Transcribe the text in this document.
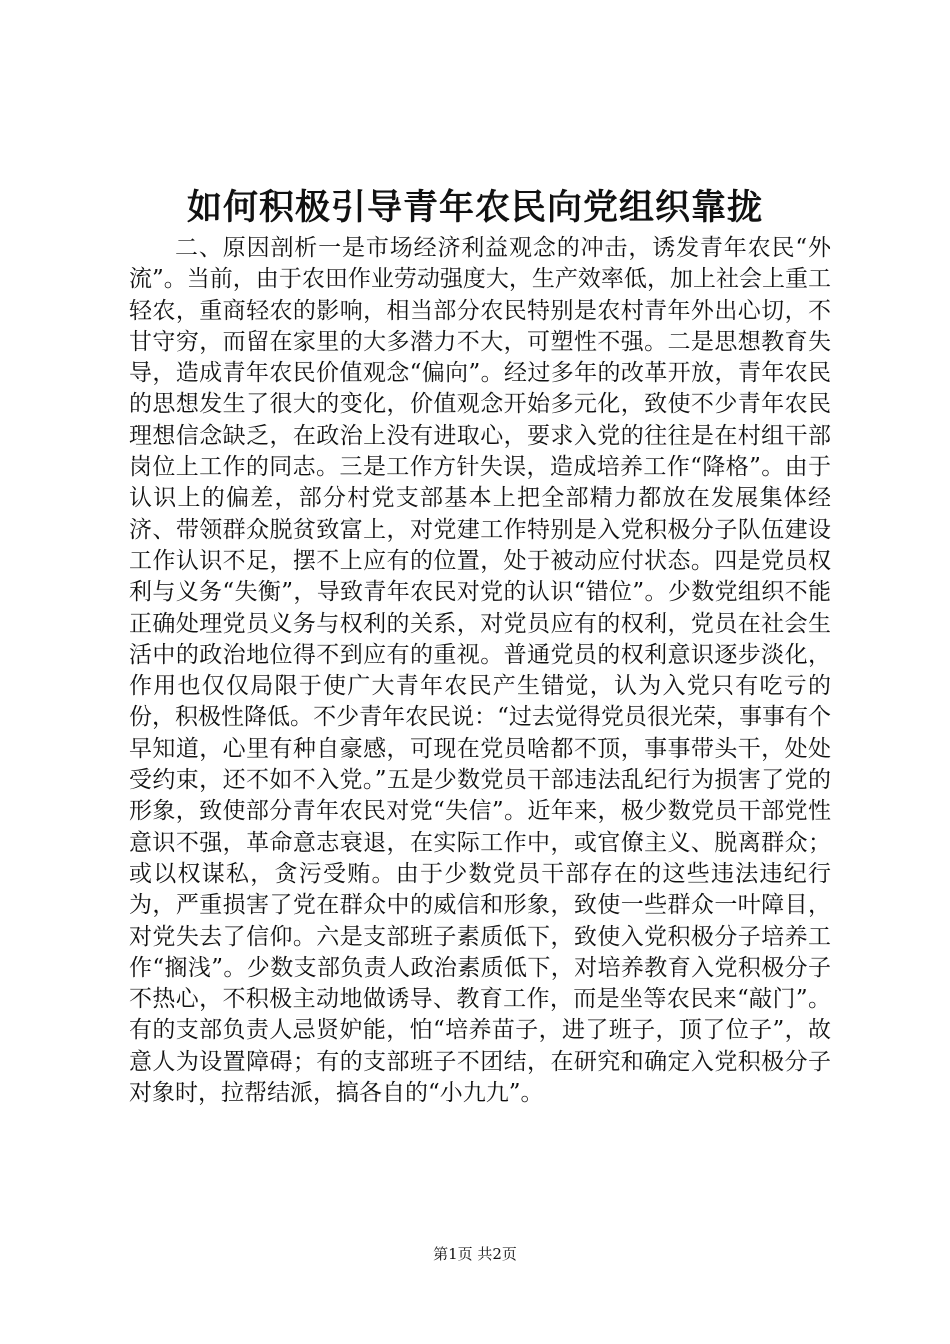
如何积极引导青年农民向党组织靠拢

二、原因剖析一是市场经济利益观念的冲击，诱发青年农民“外流”。当前，由于农田作业劳动强度大，生产效率低，加上社会上重工轻农，重商轻农的影响，相当部分农民特别是农村青年外出心切，不甘守穷，而留在家里的大多潜力不大，可塑性不强。二是思想教育失导，造成青年农民价值观念“偏向”。经过多年的改革开放，青年农民的思想发生了很大的变化，价值观念开始多元化，致使不少青年农民理想信念缺乏，在政治上没有进取心，要求入党的往往是在村组干部岗位上工作的同志。三是工作方针失误，造成培养工作“降格”。由于认识上的偏差，部分村党支部基本上把全部精力都放在发展集体经济、带领群众脱贫致富上，对党建工作特别是入党积极分子队伍建设工作认识不足，摆不上应有的位置，处于被动应付状态。四是党员权利与义务“失衡”，导致青年农民对党的认识“错位”。少数党组织不能正确处理党员义务与权利的关系，对党员应有的权利，党员在社会生活中的政治地位得不到应有的重视。普通党员的权利意识逐步淡化，作用也仅仅局限于使广大青年农民产生错觉，认为入党只有吃亏的份，积极性降低。不少青年农民说：“过去觉得党员很光荣，事事有个早知道，心里有种自豪感，可现在党员啥都不顶，事事带头干，处处受约束，还不如不入党。”五是少数党员干部违法乱纪行为损害了党的形象，致使部分青年农民对党“失信”。近年来，极少数党员干部党性意识不强，革命意志衰退，在实际工作中，或官僚主义、脱离群众；或以权谋私，贪污受贿。由于少数党员干部存在的这些违法违纪行为，严重损害了党在群众中的威信和形象，致使一些群众一叶障目，对党失去了信仰。六是支部班子素质低下，致使入党积极分子培养工作“搁浅”。少数支部负责人政治素质低下，对培养教育入党积极分子不热心，不积极主动地做诱导、教育工作，而是坐等农民来“敲门”。有的支部负责人忌贤妒能，怕“培养苗子，进了班子，顶了位子”，故意人为设置障碍；有的支部班子不团结，在研究和确定入党积极分子对象时，拉帮结派，搞各自的“小九九”。

第1页 共2页
